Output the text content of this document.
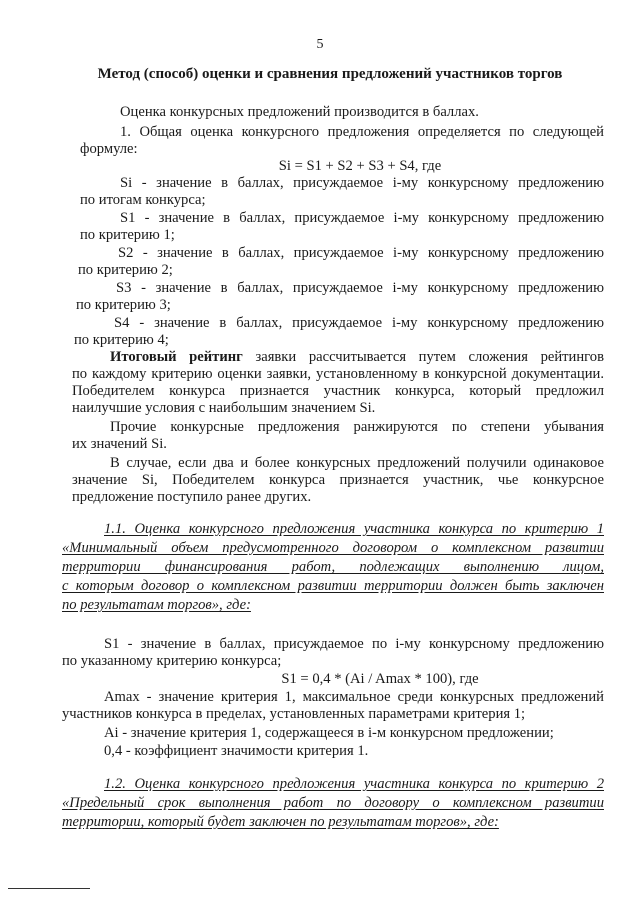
5
Метод (способ) оценки и сравнения предложений участников торгов
Оценка конкурсных предложений производится в баллах.
1. Общая оценка конкурсного предложения определяется по следующей
формуле:
Si = S1 + S2 + S3 + S4, где
Si - значение в баллах, присуждаемое i-му конкурсному предложению
по итогам конкурса;
S1 - значение в баллах, присуждаемое i-му конкурсному предложению
по критерию 1;
S2 - значение в баллах, присуждаемое i-му конкурсному предложению
по критерию 2;
S3 - значение в баллах, присуждаемое i-му конкурсному предложению
по критерию 3;
S4 - значение в баллах, присуждаемое i-му конкурсному предложению
по критерию 4;
Итоговый рейтинг заявки рассчитывается путем сложения рейтингов
по каждому критерию оценки заявки, установленному в конкурсной документации.
Победителем конкурса признается участник конкурса, который предложил
наилучшие условия с наибольшим значением Si.
Прочие конкурсные предложения ранжируются по степени убывания
их значений Si.
В случае, если два и более конкурсных предложений получили одинаковое
значение Si, Победителем конкурса признается участник, чье конкурсное
предложение поступило ранее других.
1.1. Оценка конкурсного предложения участника конкурса по критерию 1
«Минимальный объем предусмотренного договором о комплексном развитии
территории финансирования работ, подлежащих выполнению лицом,
с которым договор о комплексном развитии территории должен быть заключен
по результатам торгов», где:
S1 - значение в баллах, присуждаемое по i-му конкурсному предложению
по указанному критерию конкурса;
S1 = 0,4 * (Ai / Amax * 100), где
Amax - значение критерия 1, максимальное среди конкурсных предложений
участников конкурса в пределах, установленных параметрами критерия 1;
Ai - значение критерия 1, содержащееся в i-м конкурсном предложении;
0,4 - коэффициент значимости критерия 1.
1.2. Оценка конкурсного предложения участника конкурса по критерию 2
«Предельный срок выполнения работ по договору о комплексном развитии
территории, который будет заключен по результатам торгов», где:
